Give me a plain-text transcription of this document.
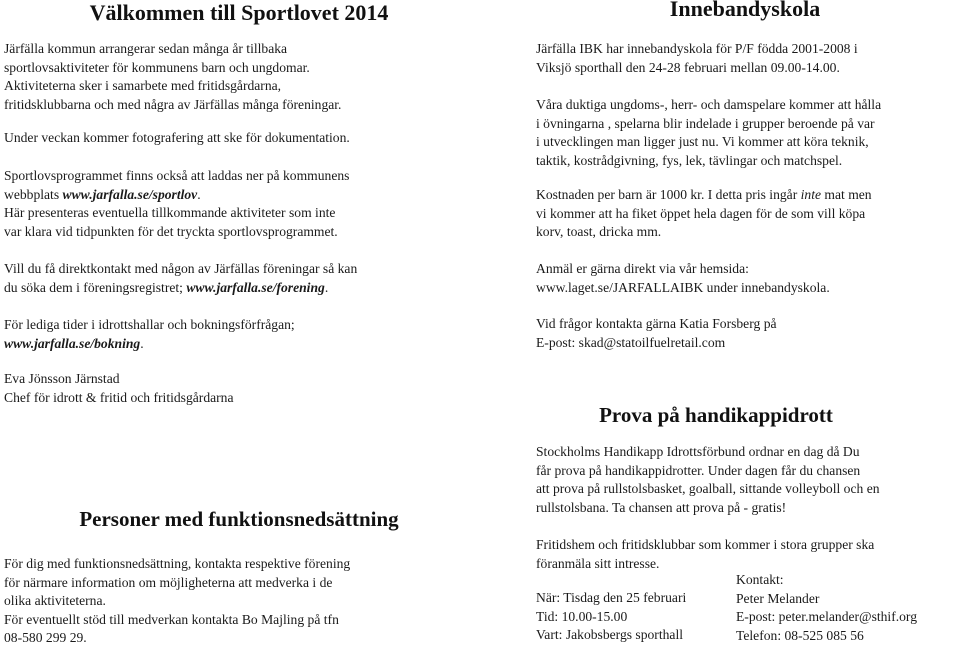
Välkommen till Sportlovet 2014

Järfälla kommun arrangerar sedan många år tillbaka

sportlovsaktiviteter för kommunens barn och ungdomar.

Aktiviteterna sker i samarbete med fritidsgårdarna,

fritidsklubbarna och med några av Järfällas många föreningar.

Under veckan kommer fotografering att ske för dokumentation.

Sportlovsprogrammet finns också att laddas ner på kommunens

webbplats www.jarfalla.se/sportlov.

Här presenteras eventuella tillkommande aktiviteter som inte

var klara vid tidpunkten för det tryckta sportlovsprogrammet.

Vill du få direktkontakt med någon av Järfällas föreningar så kan

du söka dem i föreningsregistret; www.jarfalla.se/forening.

För lediga tider i idrottshallar och bokningsförfrågan;

www.jarfalla.se/bokning.

Eva Jönsson Järnstad

Chef för idrott & fritid och fritidsgårdarna

Personer med funktionsnedsättning

För dig med funktionsnedsättning, kontakta respektive förening

för närmare information om möjligheterna att medverka i de

olika aktiviteterna.

För eventuellt stöd till medverkan kontakta Bo Majling på tfn

08-580 299 29.

Innebandyskola

Järfälla IBK har innebandyskola för P/F födda 2001-2008 i

Viksjö sporthall den 24-28 februari mellan 09.00-14.00.

Våra duktiga ungdoms-, herr- och damspelare kommer att hålla

i övningarna , spelarna blir indelade i grupper beroende på var

i utvecklingen man ligger just nu. Vi kommer att köra teknik,

taktik, kostrådgivning, fys, lek, tävlingar och matchspel.

Kostnaden per barn är 1000 kr. I detta pris ingår inte mat men

vi kommer att ha fiket öppet hela dagen för de som vill köpa

korv, toast, dricka mm.

Anmäl er gärna direkt via vår hemsida:

www.laget.se/JARFALLAIBK under innebandyskola.

Vid frågor kontakta gärna Katia Forsberg på

E-post: skad@statoilfuelretail.com

Prova på handikappidrott

Stockholms Handikapp Idrottsförbund ordnar en dag då Du

får prova på handikappidrotter. Under dagen får du chansen

att prova på rullstolsbasket, goalball, sittande volleyboll och en

rullstolsbana. Ta chansen att prova på - gratis!

Fritidshem och fritidsklubbar som kommer i stora grupper ska

föranmäla sitt intresse.

När: Tisdag den 25 februari

Tid: 10.00-15.00

Vart: Jakobsbergs sporthall

Kontakt:

Peter Melander

E-post: peter.melander@sthif.org

Telefon: 08-525 085 56
